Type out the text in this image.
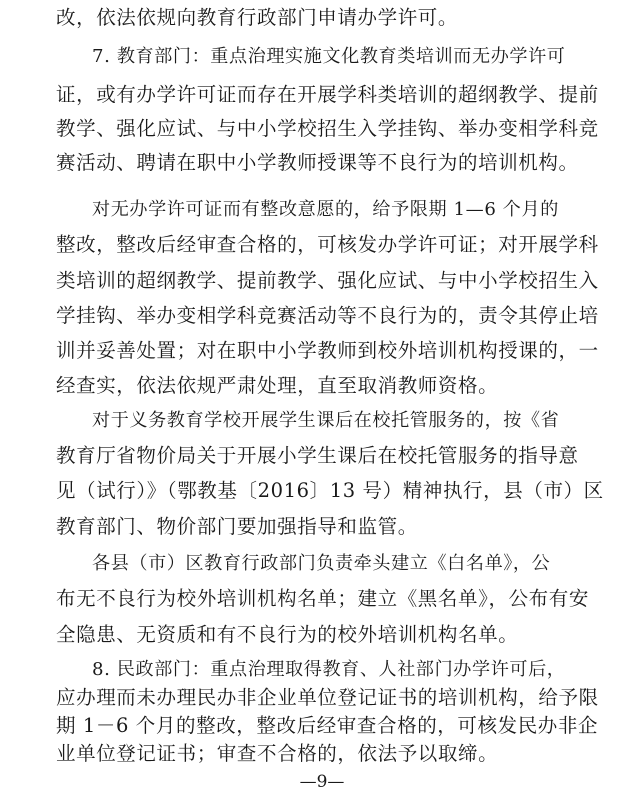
改，依法依规向教育行政部门申请办学许可。
7. 教育部门：重点治理实施文化教育类培训而无办学许可
证，或有办学许可证而存在开展学科类培训的超纲教学、提前
教学、强化应试、与中小学校招生入学挂钩、举办变相学科竞
赛活动、聘请在职中小学教师授课等不良行为的培训机构。
对无办学许可证而有整改意愿的，给予限期 1—6 个月的
整改，整改后经审查合格的，可核发办学许可证；对开展学科
类培训的超纲教学、提前教学、强化应试、与中小学校招生入
学挂钩、举办变相学科竞赛活动等不良行为的，责令其停止培
训并妥善处置；对在职中小学教师到校外培训机构授课的，一
经查实，依法依规严肃处理，直至取消教师资格。
对于义务教育学校开展学生课后在校托管服务的，按《省
教育厅省物价局关于开展小学生课后在校托管服务的指导意
见（试行）》（鄂教基〔2016〕13 号）精神执行，县（市）区
教育部门、物价部门要加强指导和监管。
各县（市）区教育行政部门负责牵头建立《白名单》，公
布无不良行为校外培训机构名单；建立《黑名单》，公布有安
全隐患、无资质和有不良行为的校外培训机构名单。
8. 民政部门：重点治理取得教育、人社部门办学许可后，
应办理而未办理民办非企业单位登记证书的培训机构，给予限
期 1－6 个月的整改，整改后经审查合格的，可核发民办非企
业单位登记证书；审查不合格的，依法予以取缔。
—9—
